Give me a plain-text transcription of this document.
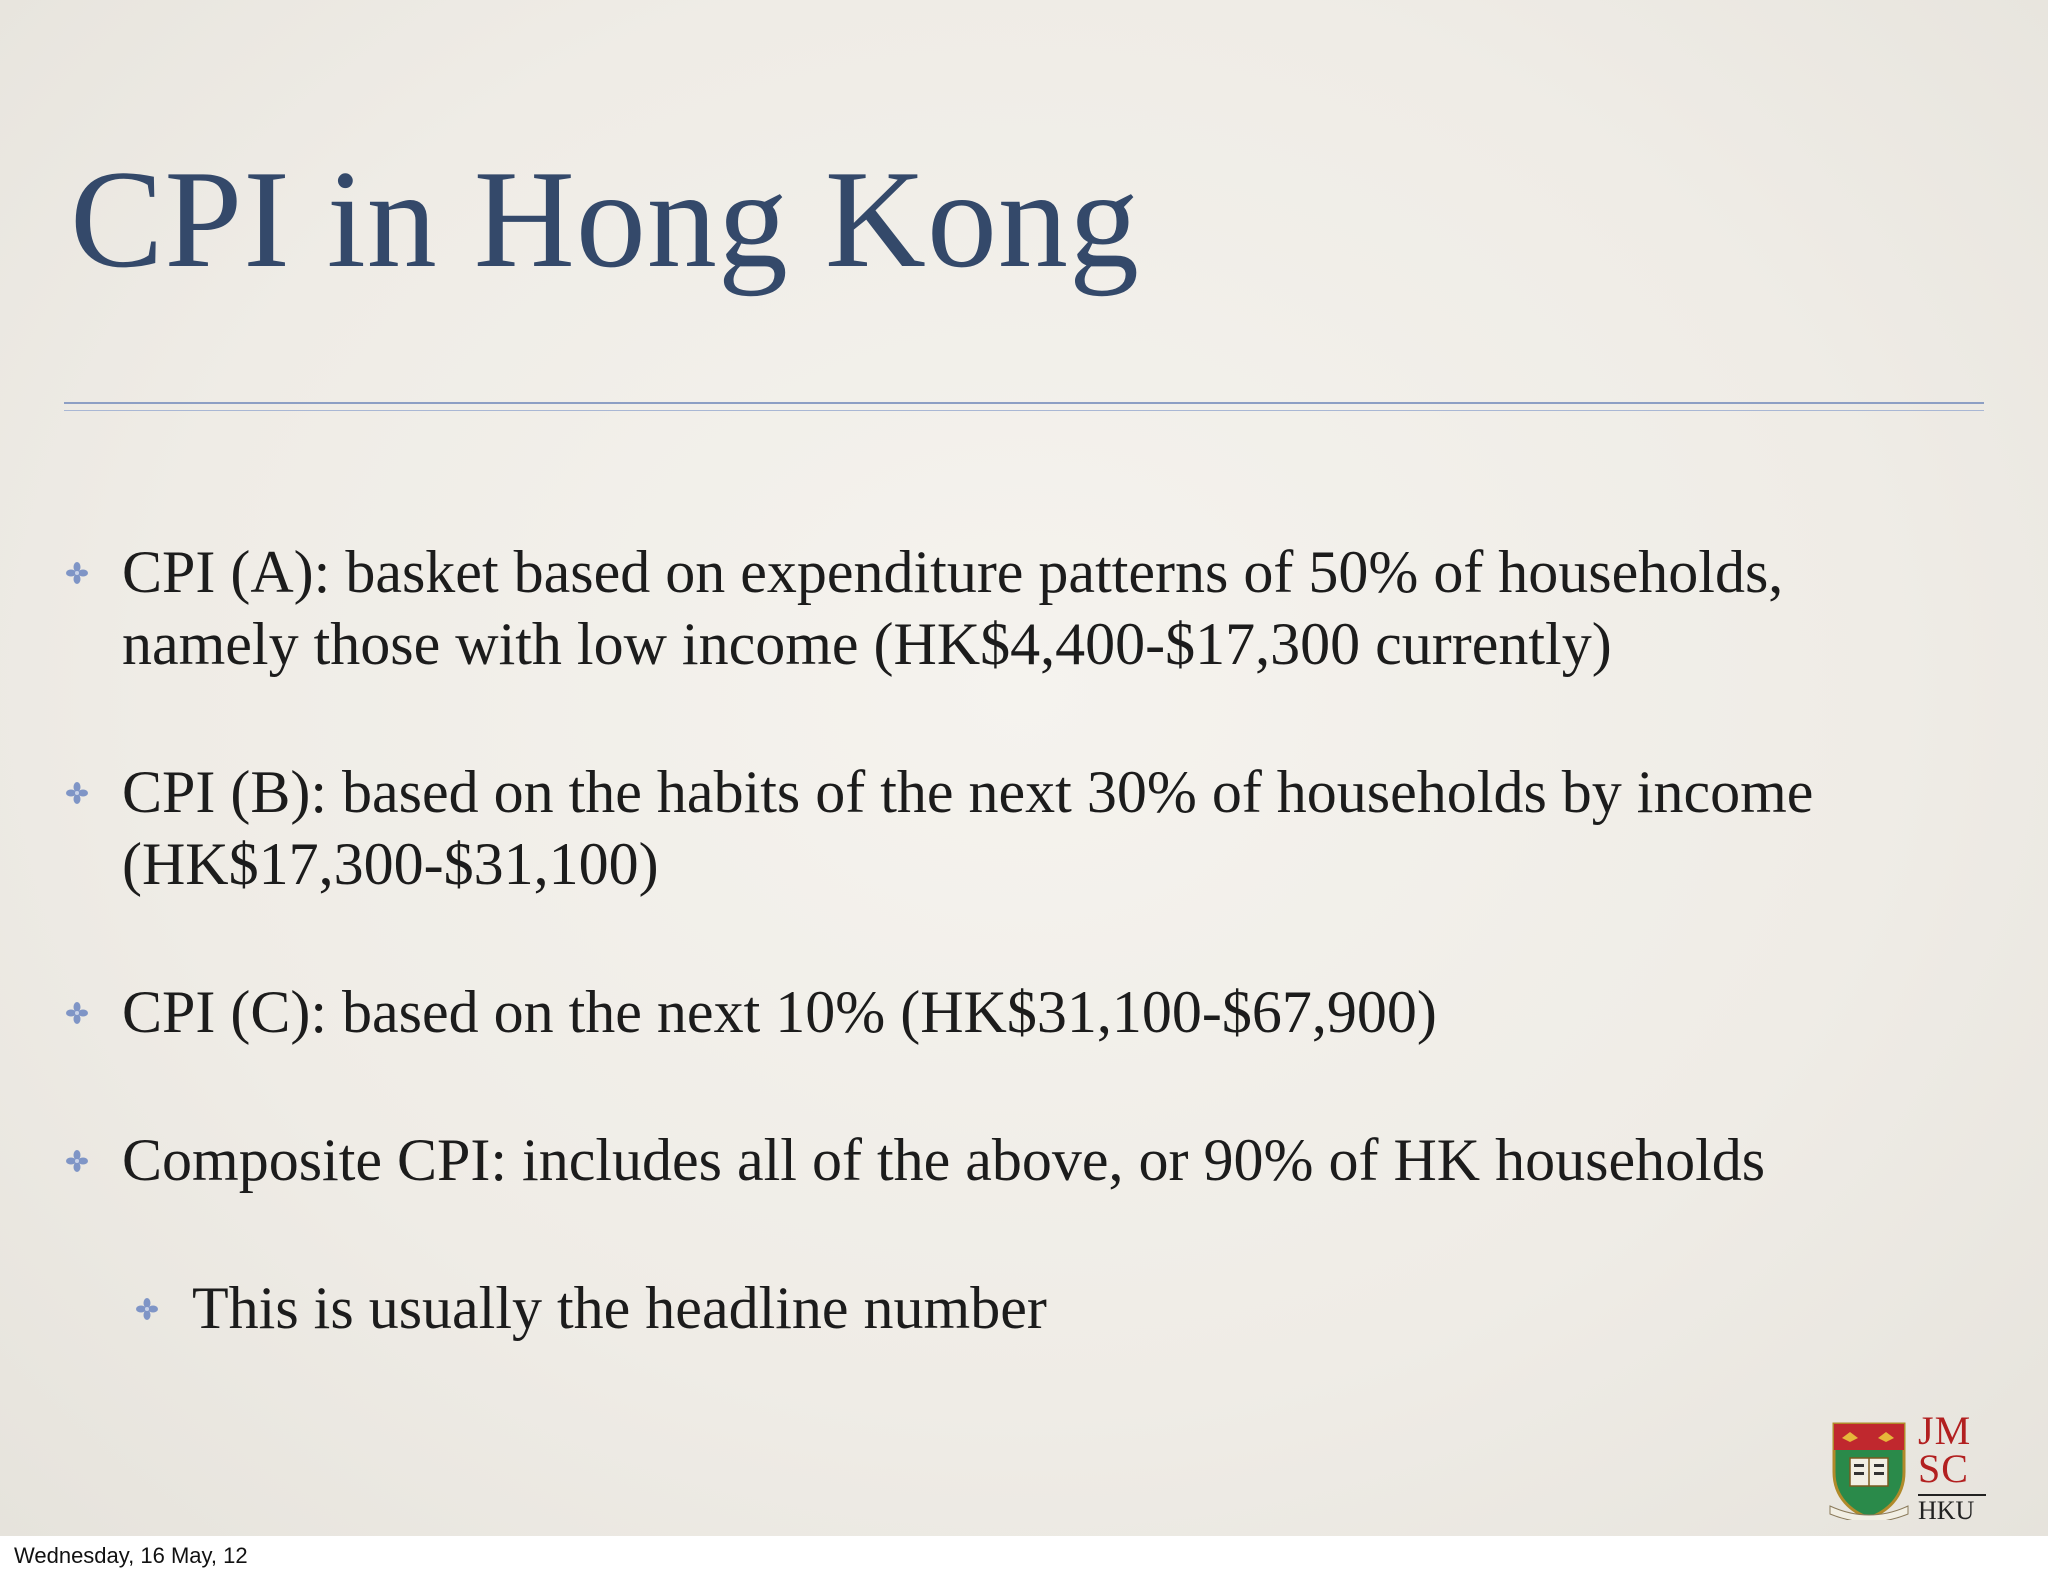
CPI in Hong Kong
CPI (A): basket based on expenditure patterns of 50% of households,
namely those with low income (HK$4,400-$17,300 currently)
CPI (B): based on the habits of the next 30% of households by income
(HK$17,300-$31,100)
CPI (C): based on the next 10% (HK$31,100-$67,900)
Composite CPI: includes all of the above, or 90% of HK households
This is usually the headline number
JM
SC
HKU
Wednesday, 16 May, 12
